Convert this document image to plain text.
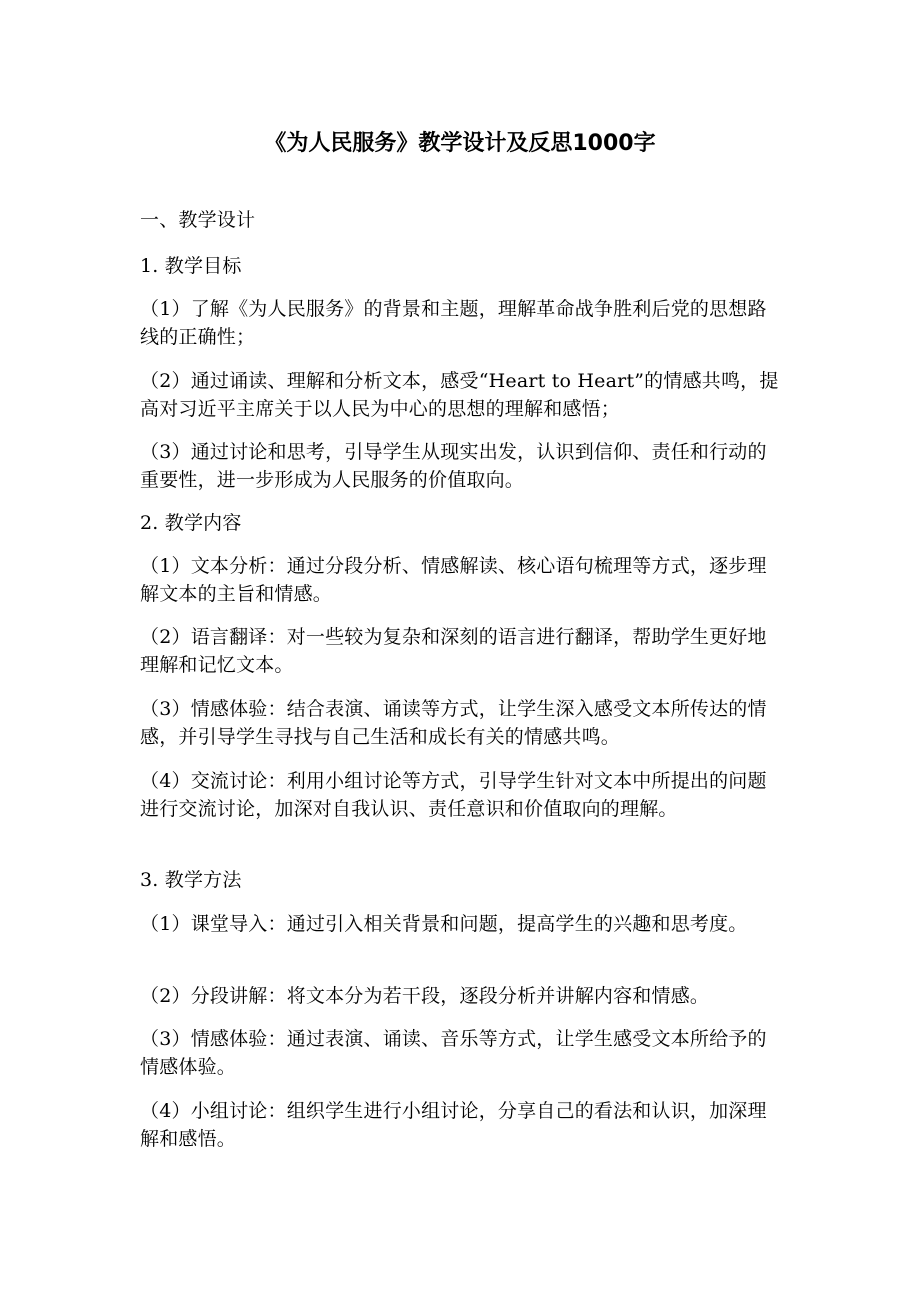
《为人民服务》教学设计及反思1000字

一、教学设计

1. 教学目标

（1）了解《为人民服务》的背景和主题，理解革命战争胜利后党的思想路线的正确性；

（2）通过诵读、理解和分析文本，感受“Heart to Heart”的情感共鸣，提高对习近平主席关于以人民为中心的思想的理解和感悟；

（3）通过讨论和思考，引导学生从现实出发，认识到信仰、责任和行动的重要性，进一步形成为人民服务的价值取向。

2. 教学内容

（1）文本分析：通过分段分析、情感解读、核心语句梳理等方式，逐步理解文本的主旨和情感。

（2）语言翻译：对一些较为复杂和深刻的语言进行翻译，帮助学生更好地理解和记忆文本。

（3）情感体验：结合表演、诵读等方式，让学生深入感受文本所传达的情感，并引导学生寻找与自己生活和成长有关的情感共鸣。

（4）交流讨论：利用小组讨论等方式，引导学生针对文本中所提出的问题进行交流讨论，加深对自我认识、责任意识和价值取向的理解。

3. 教学方法

（1）课堂导入：通过引入相关背景和问题，提高学生的兴趣和思考度。

（2）分段讲解：将文本分为若干段，逐段分析并讲解内容和情感。

（3）情感体验：通过表演、诵读、音乐等方式，让学生感受文本所给予的情感体验。

（4）小组讨论：组织学生进行小组讨论，分享自己的看法和认识，加深理解和感悟。
